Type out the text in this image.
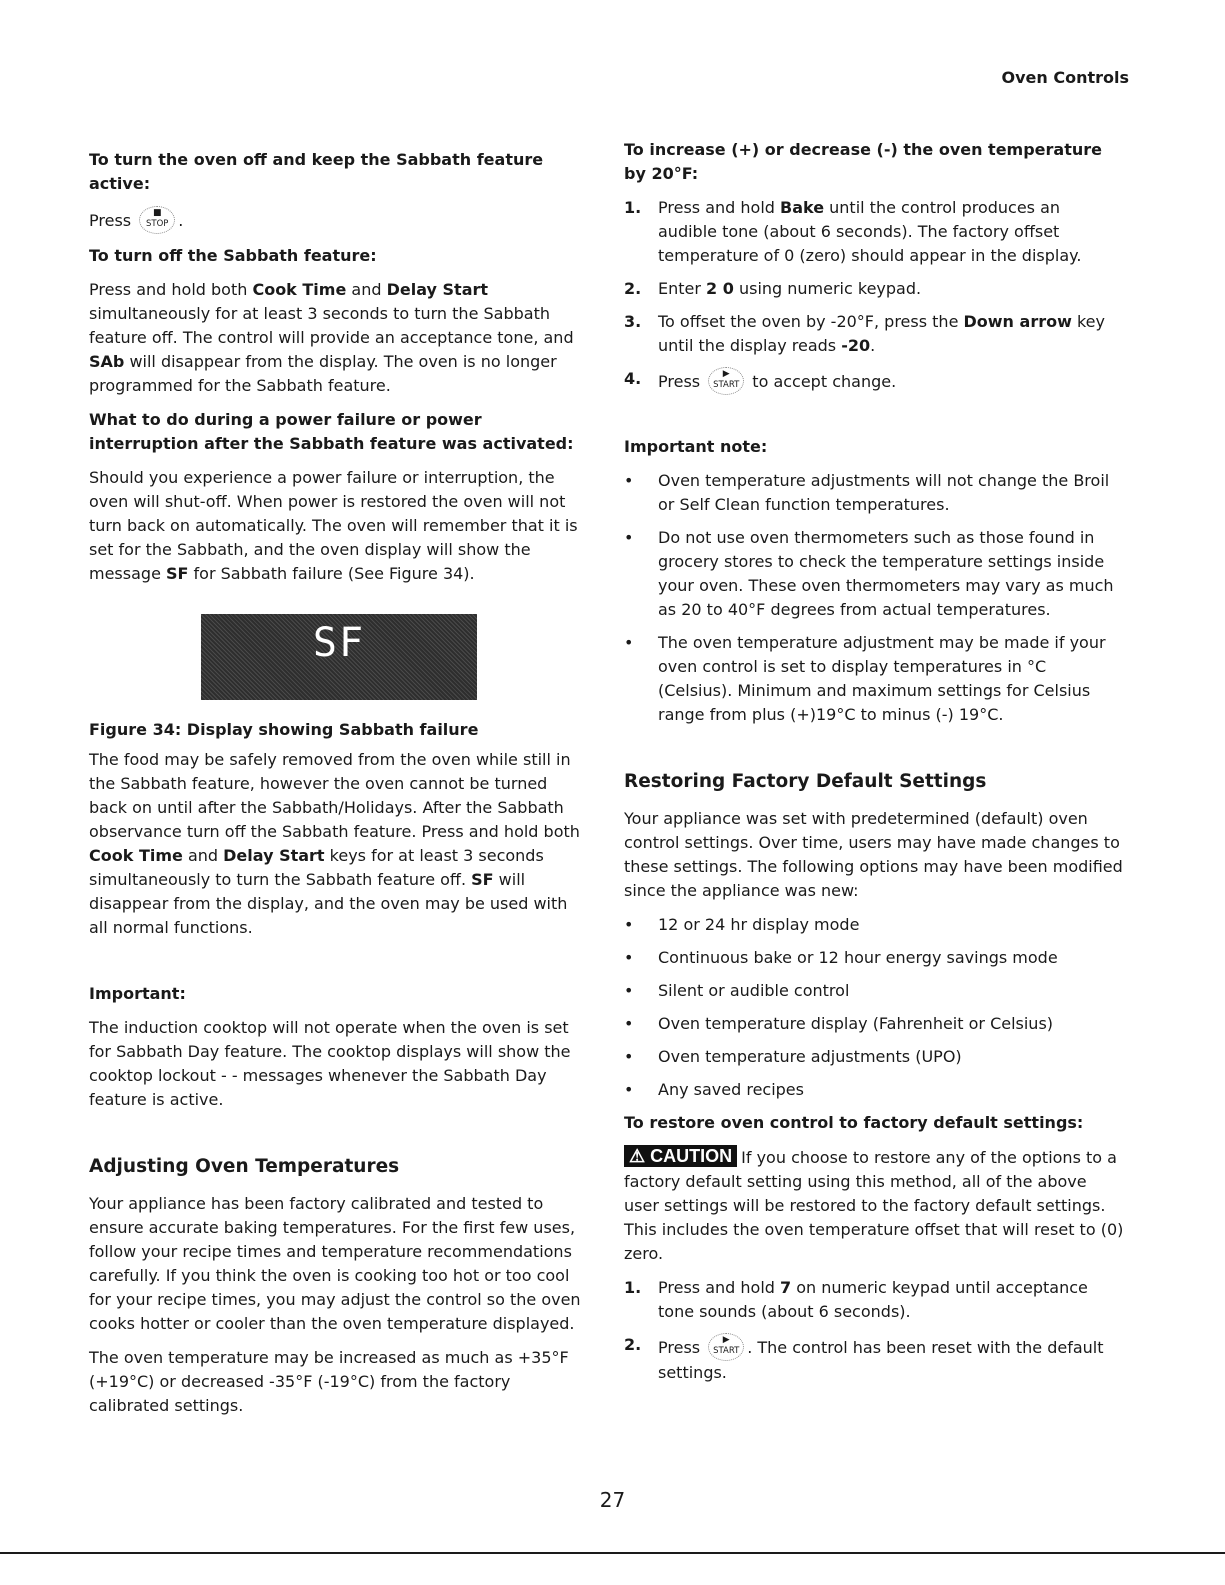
Oven Controls
To turn the oven off and keep the Sabbath feature active:

Press	■
STOP .

To turn off the Sabbath feature:

Press and hold both Cook Time and Delay Start simultaneously for at least 3 seconds to turn the Sabbath feature off. The control will provide an acceptance tone, and SAb will disappear from the display. The oven is no longer programmed for the Sabbath feature.

What to do during a power failure or power interruption after the Sabbath feature was activated:

Should you experience a power failure or interruption, the oven will shut-off. When power is restored the oven will not turn back on automatically. The oven will remember that it is set for the Sabbath, and the oven display will show the message SF for Sabbath failure (See Figure 34).

SF
Figure 34: Display showing Sabbath failure

The food may be safely removed from the oven while still in the Sabbath feature, however the oven cannot be turned back on until after the Sabbath/Holidays. After the Sabbath observance turn off the Sabbath feature. Press and hold both Cook Time and Delay Start keys for at least 3 seconds simultaneously to turn the Sabbath feature off. SF will disappear from the display, and the oven may be used with all normal functions.

Important:

The induction cooktop will not operate when the oven is set for Sabbath Day feature. The cooktop displays will show the cooktop lockout - - messages whenever the Sabbath Day feature is active.

Adjusting Oven Temperatures

Your appliance has been factory calibrated and tested to ensure accurate baking temperatures. For the first few uses, follow your recipe times and temperature recommendations carefully. If you think the oven is cooking too hot or too cool for your recipe times, you may adjust the control so the oven cooks hotter or cooler than the oven temperature displayed.

The oven temperature may be increased as much as +35°F (+19°C) or decreased -35°F (-19°C) from the factory calibrated settings.

To increase (+) or decrease (-) the oven temperature by 20°F:
1. Press and hold Bake until the control produces an audible tone (about 6 seconds). The factory offset temperature of 0 (zero) should appear in the display.
2. Enter 2 0 using numeric keypad.
3. To offset the oven by -20°F, press the Down arrow key until the display reads -20.
4. Press	▶
START to accept change.
Important note:
• Oven temperature adjustments will not change the Broil or Self Clean function temperatures.
• Do not use oven thermometers such as those found in grocery stores to check the temperature settings inside your oven. These oven thermometers may vary as much as 20 to 40°F degrees from actual temperatures.
• The oven temperature adjustment may be made if your oven control is set to display temperatures in °C (Celsius). Minimum and maximum settings for Celsius range from plus (+)19°C to minus (-) 19°C.
Restoring Factory Default Settings

Your appliance was set with predetermined (default) oven control settings. Over time, users may have made changes to these settings. The following options may have been modified since the appliance was new:

• 12 or 24 hr display mode
• Continuous bake or 12 hour energy savings mode
• Silent or audible control
• Oven temperature display (Fahrenheit or Celsius)
• Oven temperature adjustments (UPO)
• Any saved recipes
To restore oven control to factory default settings:

⚠ CAUTION If you choose to restore any of the options to a factory default setting using this method, all of the above user settings will be restored to the factory default settings. This includes the oven temperature offset that will reset to (0) zero.

1. Press and hold 7 on numeric keypad until acceptance tone sounds (about 6 seconds).
2. Press	▶
START . The control has been reset with the default settings.
27
